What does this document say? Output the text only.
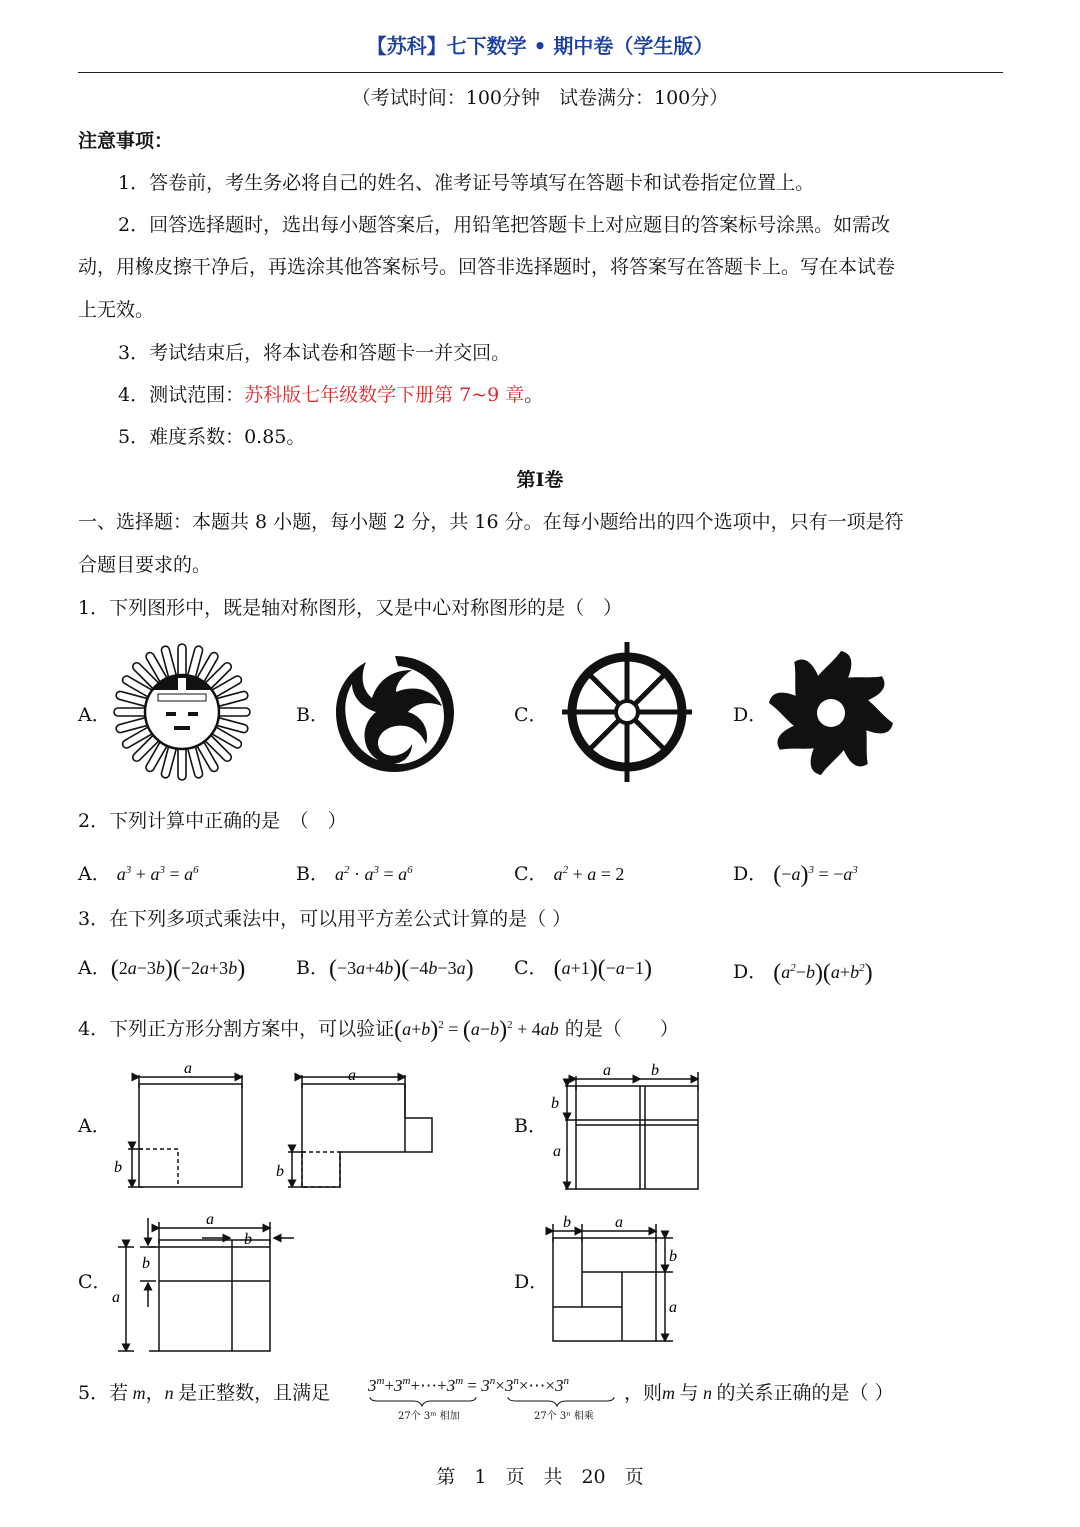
【苏科】七下数学 • 期中卷（学生版）
（考试时间：100分钟　试卷满分：100分）
注意事项：
1．答卷前，考生务必将自己的姓名、准考证号等填写在答题卡和试卷指定位置上。
2．回答选择题时，选出每小题答案后，用铅笔把答题卡上对应题目的答案标号涂黑。如需改
动，用橡皮擦干净后，再选涂其他答案标号。回答非选择题时，将答案写在答题卡上。写在本试卷
上无效。
3．考试结束后，将本试卷和答题卡一并交回。
4．测试范围：苏科版七年级数学下册第 7~9 章。
5．难度系数：0.85。
第I卷
一、选择题：本题共 8 小题，每小题 2 分，共 16 分。在每小题给出的四个选项中，只有一项是符
合题目要求的。
1．下列图形中，既是轴对称图形，又是中心对称图形的是（　）
A．	B．	C．	D．
2．下列计算中正确的是　（　）
A． $a^3 + a^3 = a^6$	B． $a^2 \cdot a^3 = a^6$	C． $a^2 + a = 2$	D． $(-a)^3 = -a^3$
3．在下列多项式乘法中，可以用平方差公式计算的是（ ）
A．(2a−3b)(−2a+3b)	B．(−3a+4b)(−4b−3a) C． (a+1)(−a−1)	D． $(a^2-b)(a+b^2)$
4．下列正方形分割方案中，可以验证$(a+b)^2 = (a-b)^2 + 4ab$ 的是（　　）
A．	B．
C．	D．
a	a
b	b
a	b
b
a
a
b
b
a
b	a
b
a
5．若 m，n 是正整数，且满足 $3^m+3^m+\cdots+3^m$ = $3^n\times 3^n\times\cdots\times 3^n$
27个 3ᵐ 相加	27个 3ⁿ 相乘
，则m 与 n 的关系正确的是（ ）
第　1　页　共　20　页
